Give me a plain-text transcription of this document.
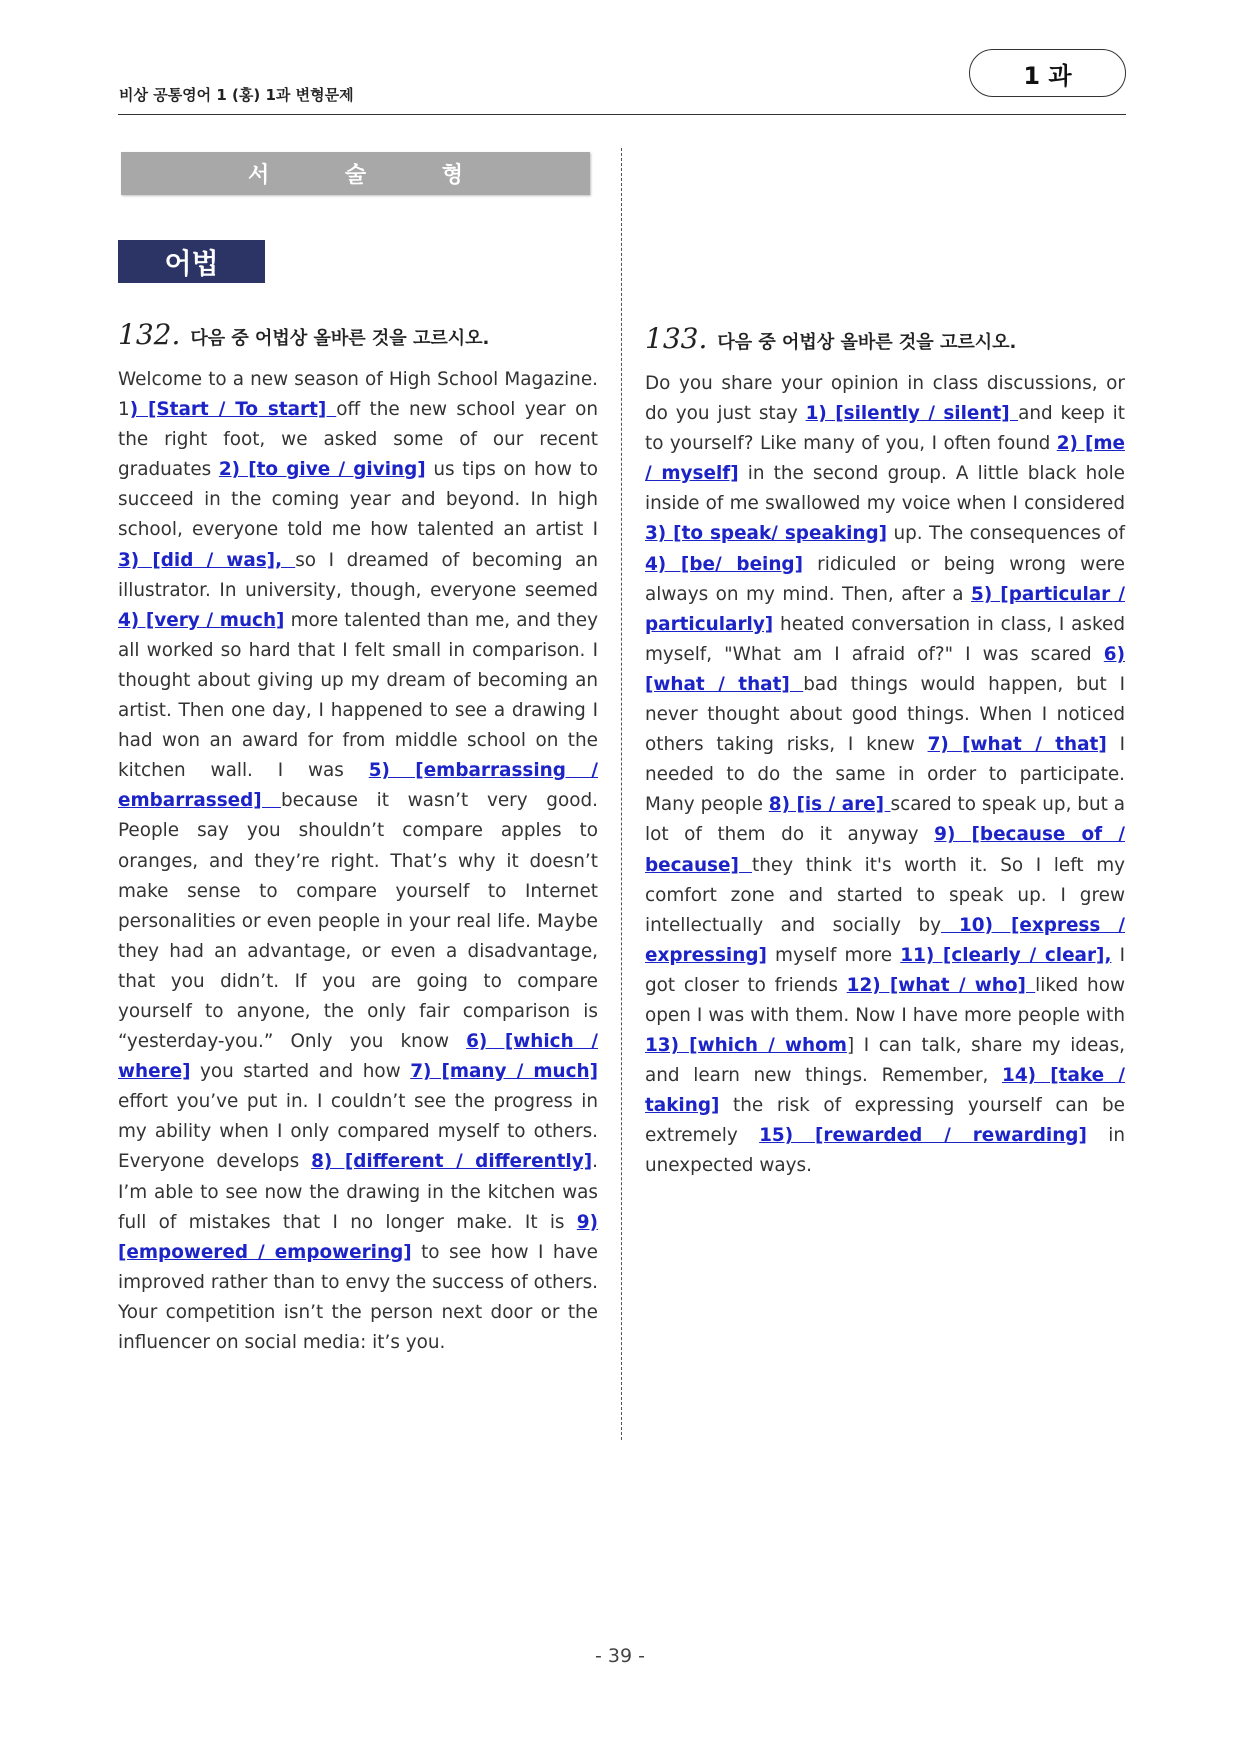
비상 공통영어 1 (홍) 1과 변형문제
1 과
서 술 형
어법
132. 다음 중 어법상 올바른 것을 고르시오.
Welcome to a new season of High School Magazine. 1) [Start / To start] off the new school year on the right foot, we asked some of our recent graduates 2) [to give / giving] us tips on how to succeed in the coming year and beyond. In high school, everyone told me how talented an artist I 3) [did / was], so I dreamed of becoming an illustrator. In university, though, everyone seemed 4) [very / much] more talented than me, and they all worked so hard that I felt small in comparison. I thought about giving up my dream of becoming an artist. Then one day, I happened to see a drawing I had won an award for from middle school on the kitchen wall. I was 5) [embarrassing / embarrassed] because it wasn’t very good. People say you shouldn’t compare apples to oranges, and they’re right. That’s why it doesn’t make sense to compare yourself to Internet personalities or even people in your real life. Maybe they had an advantage, or even a disadvantage, that you didn’t. If you are going to compare yourself to anyone, the only fair comparison is “yesterday-you.” Only you know 6) [which / where] you started and how 7) [many / much] effort you’ve put in. I couldn’t see the progress in my ability when I only compared myself to others. Everyone develops 8) [different / differently]. I’m able to see now the drawing in the kitchen was full of mistakes that I no longer make. It is 9) [empowered / empowering] to see how I have improved rather than to envy the success of others. Your competition isn’t the person next door or the influencer on social media: it’s you.
133. 다음 중 어법상 올바른 것을 고르시오.
Do you share your opinion in class discussions, or do you just stay 1) [silently / silent] and keep it to yourself? Like many of you, I often found 2) [me / myself] in the second group. A little black hole inside of me swallowed my voice when I considered 3) [to speak/ speaking] up. The consequences of 4) [be/ being] ridiculed or being wrong were always on my mind. Then, after a 5) [particular / particularly] heated conversation in class, I asked myself, "What am I afraid of?" I was scared 6) [what / that] bad things would happen, but I never thought about good things. When I noticed others taking risks, I knew 7) [what / that] I needed to do the same in order to participate. Many people 8) [is / are] scared to speak up, but a lot of them do it anyway 9) [because of / because] they think it's worth it. So I left my comfort zone and started to speak up. I grew intellectually and socially by 10) [express / expressing] myself more 11) [clearly / clear], I got closer to friends 12) [what / who] liked how open I was with them. Now I have more people with 13) [which / whom] I can talk, share my ideas, and learn new things. Remember, 14) [take / taking] the risk of expressing yourself can be extremely 15) [rewarded / rewarding] in unexpected ways.
- 39 -
